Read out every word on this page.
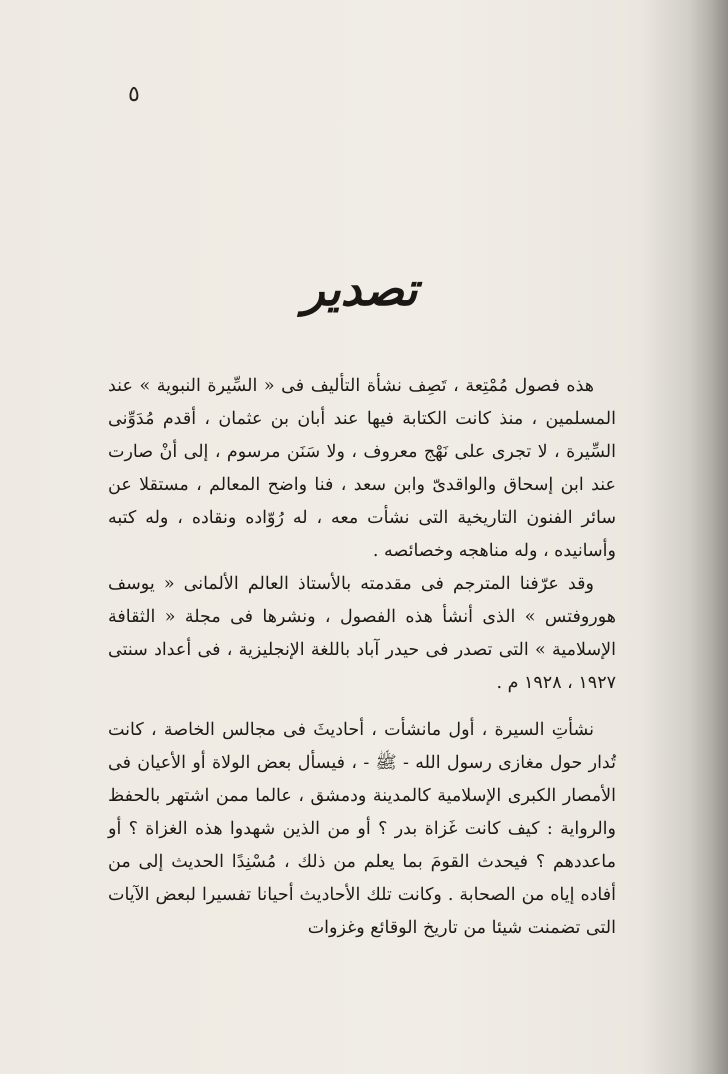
٥

تصدير

هذه فصول مُمْتِعة ، تَصِف نشأة التأليف فى « السِّيرة النبوية » عند المسلمين ، منذ كانت الكتابة فيها عند أبان بن عثمان ، أقدم مُدَوِّنى السِّيرة ، لا تجرى على نَهْج معروف ، ولا سَنَن مرسوم ، إلى أنْ صارت عند ابن إسحاق والواقدىّ وابن سعد ، فنا واضح المعالم ، مستقلا عن سائر الفنون التاريخية التى نشأت معه ، له رُوّاده ونقاده ، وله كتبه وأسانيده ، وله مناهجه وخصائصه .

وقد عرّفنا المترجم فى مقدمته بالأستاذ العالم الألمانى « يوسف هوروفتس » الذى أنشأ هذه الفصول ، ونشرها فى مجلة « الثقافة الإسلامية » التى تصدر فى حيدر آباد باللغة الإنجليزية ، فى أعداد سنتى ١٩٢٧ ، ١٩٢٨ م .

نشأتِ السيرة ، أول مانشأت ، أحاديثَ فى مجالس الخاصة ، كانت تُدار حول مغازى رسول الله - ﷺ - ، فيسأل بعض الولاة أو الأعيان فى الأمصار الكبرى الإسلامية كالمدينة ودمشق ، عالما ممن اشتهر بالحفظ والرواية : كيف كانت غَزاة بدر ؟ أو من الذين شهدوا هذه الغزاة ؟ أو ماعددهم ؟ فيحدث القومَ بما يعلم من ذلك ، مُسْنِدًا الحديث إلى من أفاده إياه من الصحابة . وكانت تلك الأحاديث أحيانا تفسيرا لبعض الآيات التى تضمنت شيئا من تاريخ الوقائع وغزوات
